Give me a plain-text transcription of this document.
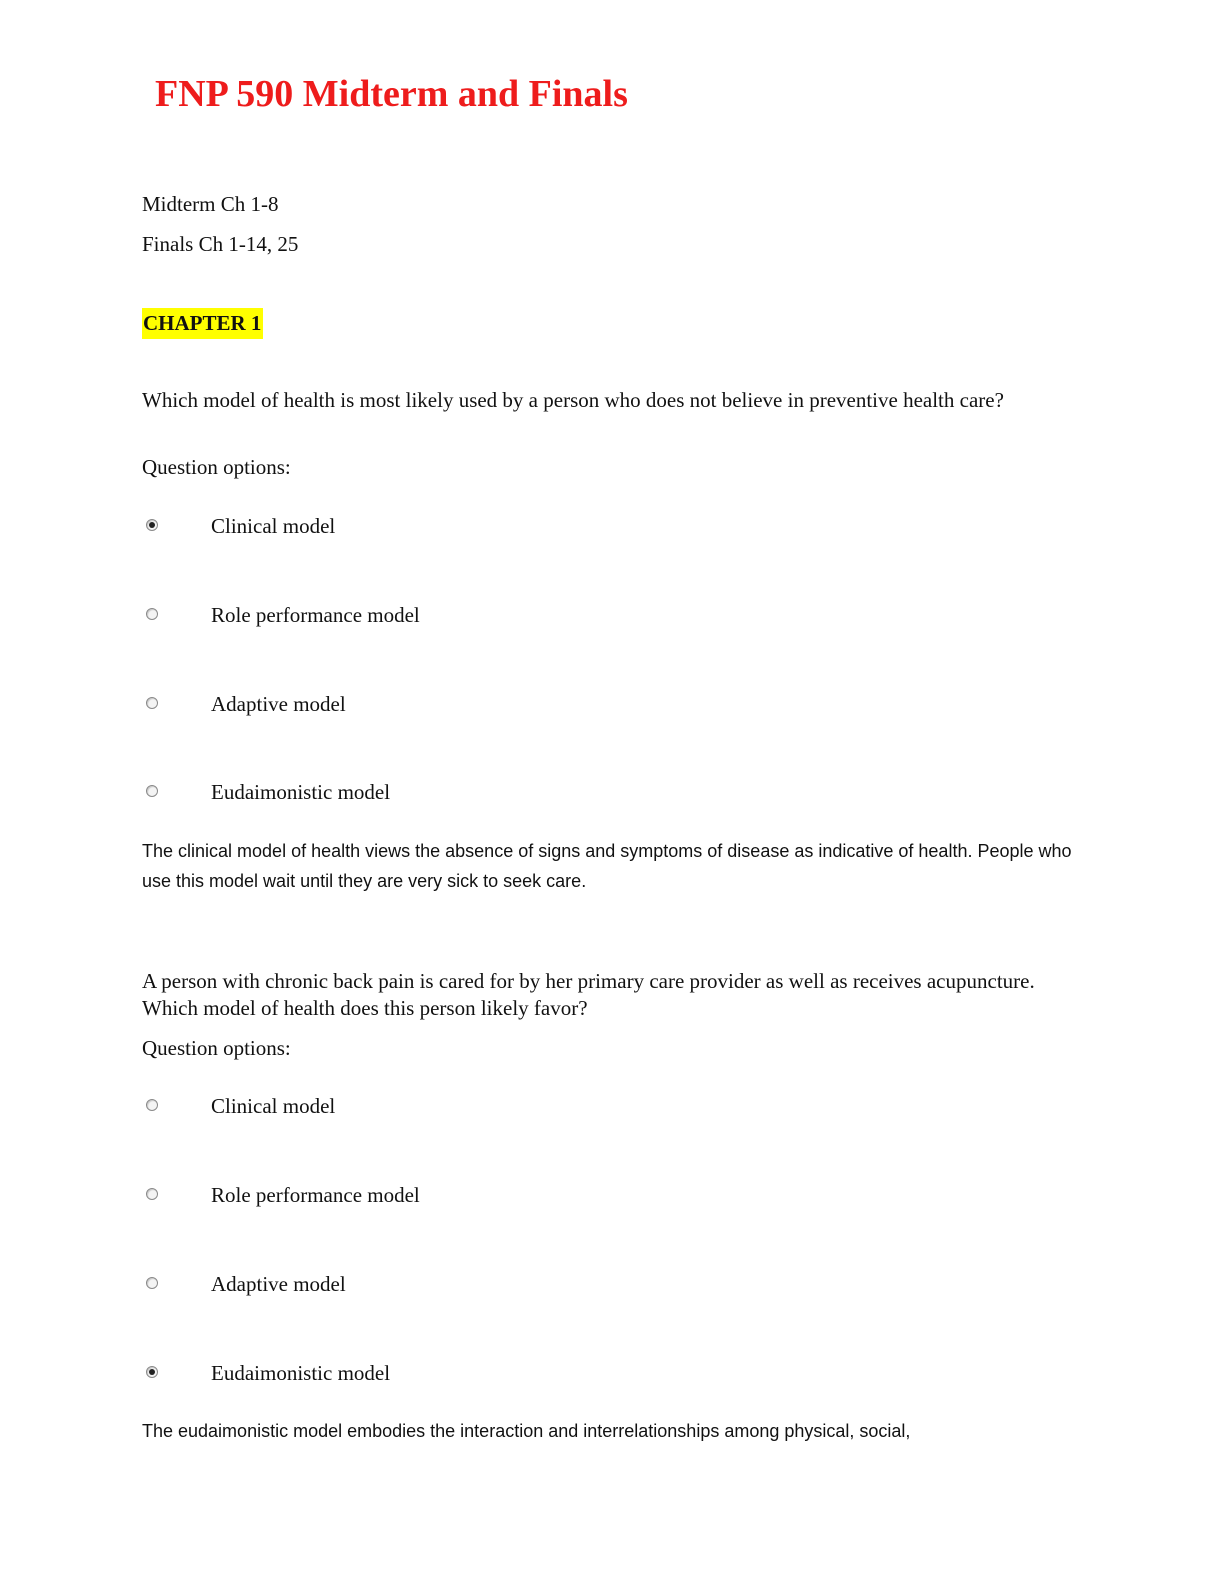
FNP 590 Midterm and Finals
Midterm Ch 1-8
Finals Ch 1-14, 25
CHAPTER 1
Which model of health is most likely used by a person who does not believe in preventive health care?
Question options:
Clinical model
Role performance model
Adaptive model
Eudaimonistic model
The clinical model of health views the absence of signs and symptoms of disease as indicative of health. People who use this model wait until they are very sick to seek care.
A person with chronic back pain is cared for by her primary care provider as well as receives acupuncture. Which model of health does this person likely favor?
Question options:
Clinical model
Role performance model
Adaptive model
Eudaimonistic model
The eudaimonistic model embodies the interaction and interrelationships among physical, social,
